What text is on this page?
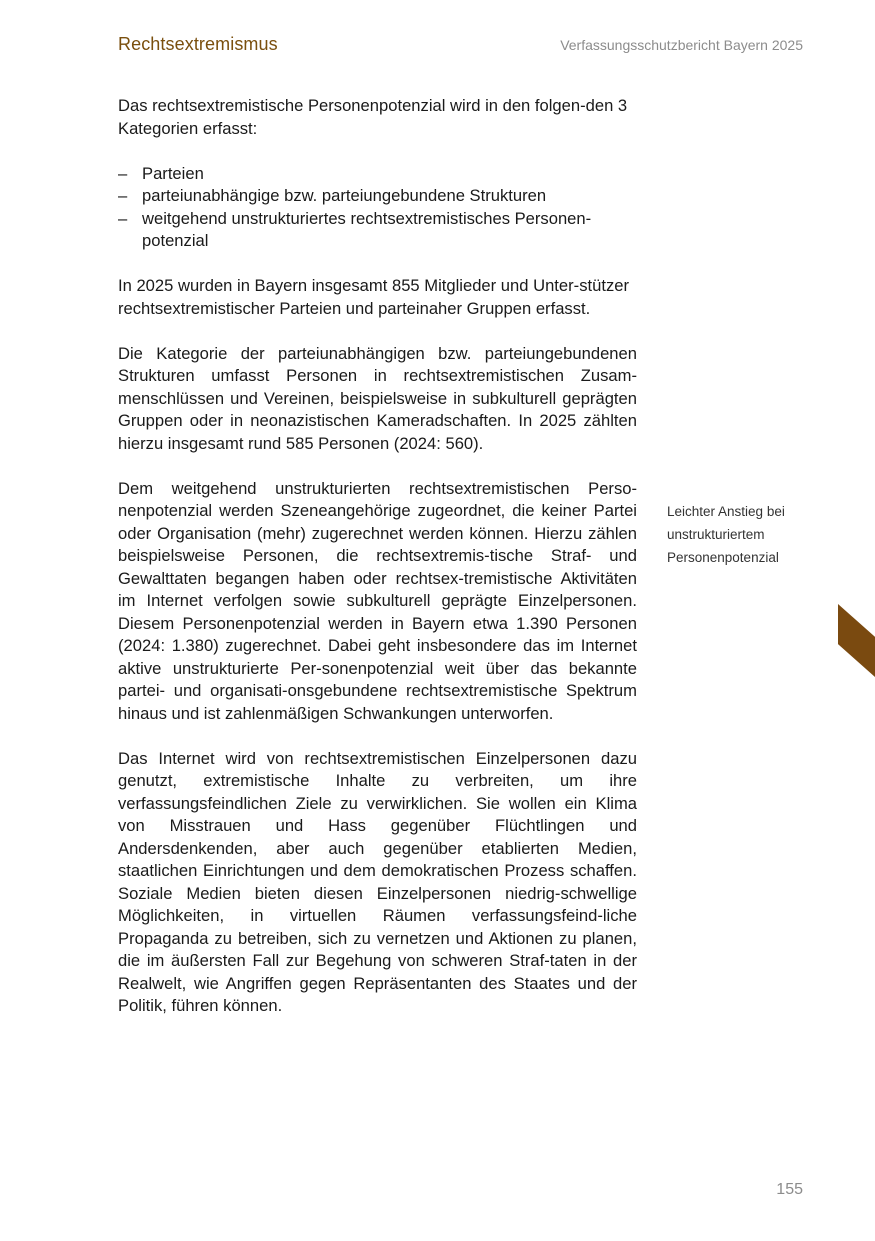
Rechtsextremismus	Verfassungsschutzbericht Bayern 2025

Das rechtsextremistische Personenpotenzial wird in den folgen-den 3 Kategorien erfasst:

– Parteien
– parteiunabhängige bzw. parteiungebundene Strukturen
– weitgehend unstrukturiertes rechtsextremistisches Personen-potenzial

In 2025 wurden in Bayern insgesamt 855 Mitglieder und Unter-stützer rechtsextremistischer Parteien und parteinaher Gruppen erfasst.

Die Kategorie der parteiunabhängigen bzw. parteiungebundenen Strukturen umfasst Personen in rechtsextremistischen Zusam-menschlüssen und Vereinen, beispielsweise in subkulturell geprägten Gruppen oder in neonazistischen Kameradschaften. In 2025 zählten hierzu insgesamt rund 585 Personen (2024: 560).

Dem weitgehend unstrukturierten rechtsextremistischen Perso-nenpotenzial werden Szeneangehörige zugeordnet, die keiner Partei oder Organisation (mehr) zugerechnet werden können. Hierzu zählen beispielsweise Personen, die rechtsextremis-tische Straf- und Gewalttaten begangen haben oder rechtsex-tremistische Aktivitäten im Internet verfolgen sowie subkulturell geprägte Einzelpersonen. Diesem Personenpotenzial werden in Bayern etwa 1.390 Personen (2024: 1.380) zugerechnet. Dabei geht insbesondere das im Internet aktive unstrukturierte Per-sonenpotenzial weit über das bekannte partei- und organisati-onsgebundene rechtsextremistische Spektrum hinaus und ist zahlenmäßigen Schwankungen unterworfen.

Das Internet wird von rechtsextremistischen Einzelpersonen dazu genutzt, extremistische Inhalte zu verbreiten, um ihre verfassungsfeindlichen Ziele zu verwirklichen. Sie wollen ein Klima von Misstrauen und Hass gegenüber Flüchtlingen und Andersdenkenden, aber auch gegenüber etablierten Medien, staatlichen Einrichtungen und dem demokratischen Prozess schaffen. Soziale Medien bieten diesen Einzelpersonen niedrig-schwellige Möglichkeiten, in virtuellen Räumen verfassungsfeind-liche Propaganda zu betreiben, sich zu vernetzen und Aktionen zu planen, die im äußersten Fall zur Begehung von schweren Straf-taten in der Realwelt, wie Angriffen gegen Repräsentanten des Staates und der Politik, führen können.

Leichter Anstieg bei
unstrukturiertem
Personenpotenzial
155
